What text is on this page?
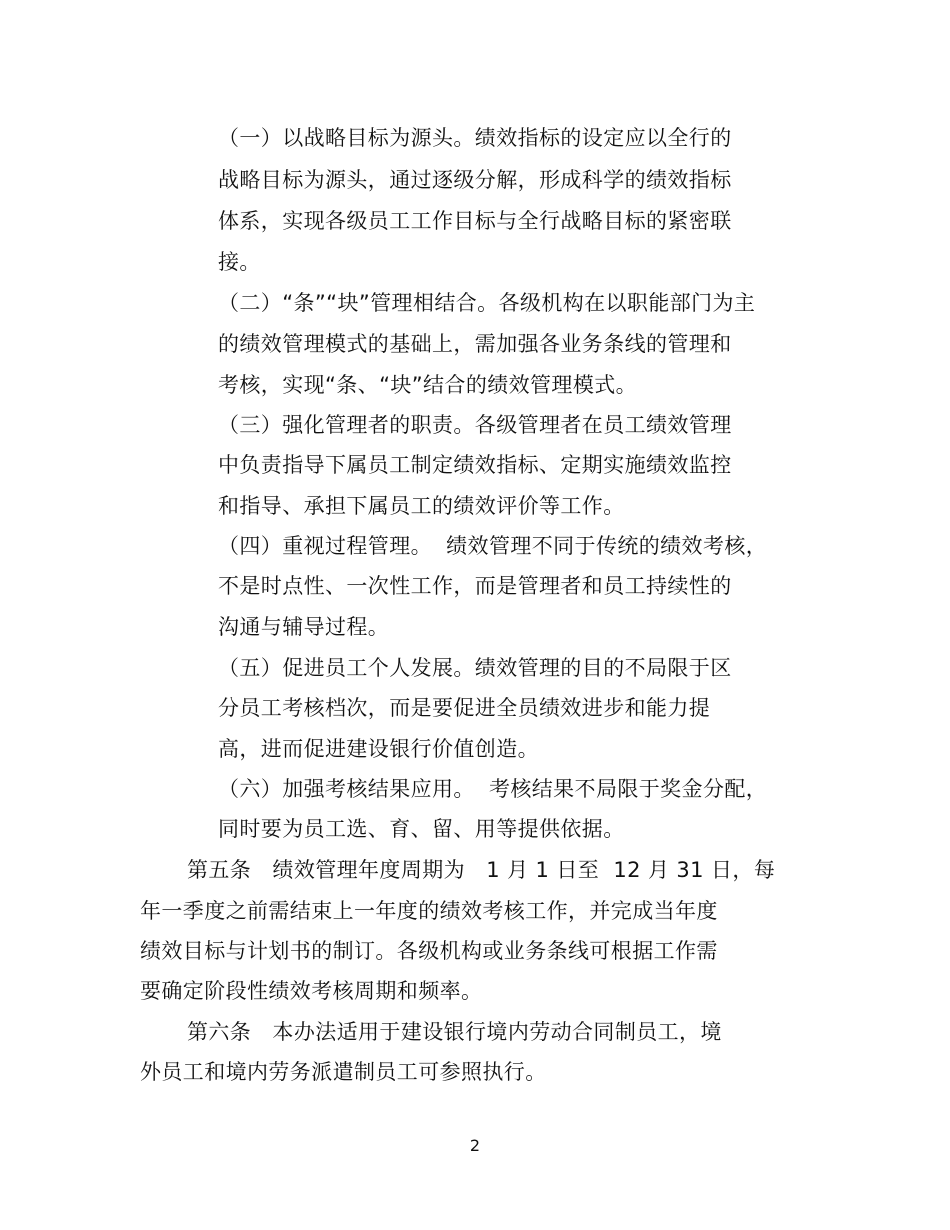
（一）以战略目标为源头。绩效指标的设定应以全行的
战略目标为源头，通过逐级分解，形成科学的绩效指标
体系，实现各级员工工作目标与全行战略目标的紧密联
接。
（二）“条”“块”管理相结合。各级机构在以职能部门为主
的绩效管理模式的基础上，需加强各业务条线的管理和
考核，实现“条、“块”结合的绩效管理模式。
（三）强化管理者的职责。各级管理者在员工绩效管理
中负责指导下属员工制定绩效指标、定期实施绩效监控
和指导、承担下属员工的绩效评价等工作。
（四）重视过程管理。  绩效管理不同于传统的绩效考核，
不是时点性、一次性工作，而是管理者和员工持续性的
沟通与辅导过程。
（五）促进员工个人发展。绩效管理的目的不局限于区
分员工考核档次，而是要促进全员绩效进步和能力提
高，进而促进建设银行价值创造。
（六）加强考核结果应用。  考核结果不局限于奖金分配，
同时要为员工选、育、留、用等提供依据。
第五条   绩效管理年度周期为   1 月 1 日至  12 月 31 日，每
年一季度之前需结束上一年度的绩效考核工作，并完成当年度
绩效目标与计划书的制订。各级机构或业务条线可根据工作需
要确定阶段性绩效考核周期和频率。
第六条   本办法适用于建设银行境内劳动合同制员工，境
外员工和境内劳务派遣制员工可参照执行。
2
